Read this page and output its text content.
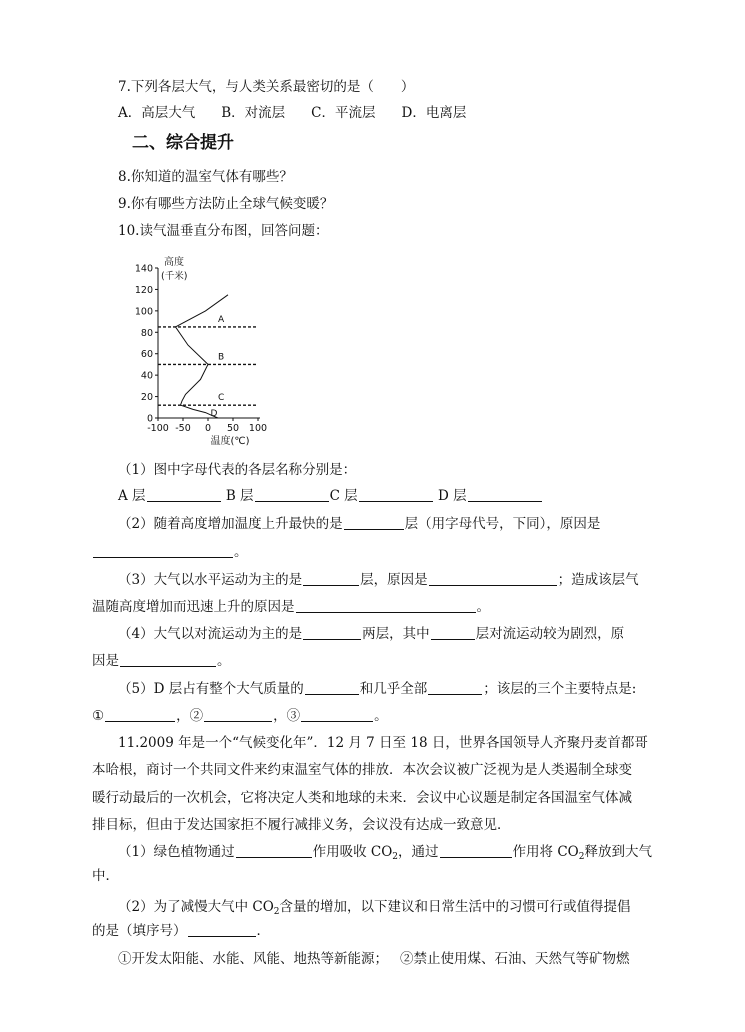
7.下列各层大气，与人类关系最密切的是（　　）
A．高层大气 B．对流层 C．平流层 D．电离层
二、综合提升
8.你知道的温室气体有哪些？
9.你有哪些方法防止全球气候变暖？
10.读气温垂直分布图，回答问题：
0
20
40
60
80
100
120
140
-100 -50 0 50 100
高度
(千米)
温度(℃)
A
B
C
D
（1）图中字母代表的各层名称分别是：
A 层	B 层	C 层	D 层
（2）随着高度增加温度上升最快的是	层（用字母代号，下同），原因是
。
（3）大气以水平运动为主的是	层，原因是	；造成该层气
温随高度增加而迅速上升的原因是	。
（4）大气以对流运动为主的是	两层，其中	层对流运动较为剧烈，原
因是	。
（5）D 层占有整个大气质量的	和几乎全部	；该层的三个主要特点是:
①	，②	，③	。
11.2009 年是一个“气候变化年”．12 月 7 日至 18 日，世界各国领导人齐聚丹麦首都哥
本哈根，商讨一个共同文件来约束温室气体的排放．本次会议被广泛视为是人类遏制全球变
暖行动最后的一次机会，它将决定人类和地球的未来．会议中心议题是制定各国温室气体减
排目标，但由于发达国家拒不履行减排义务，会议没有达成一致意见．
（1）绿色植物通过	作用吸收 $CO_2$，通过	作用将 $CO_2$释放到大气
中．
（2）为了减慢大气中 $CO_2$含量的增加，以下建议和日常生活中的习惯可行或值得提倡
的是（填序号）	．
①开发太阳能、水能、风能、地热等新能源； ②禁止使用煤、石油、天然气等矿物燃
